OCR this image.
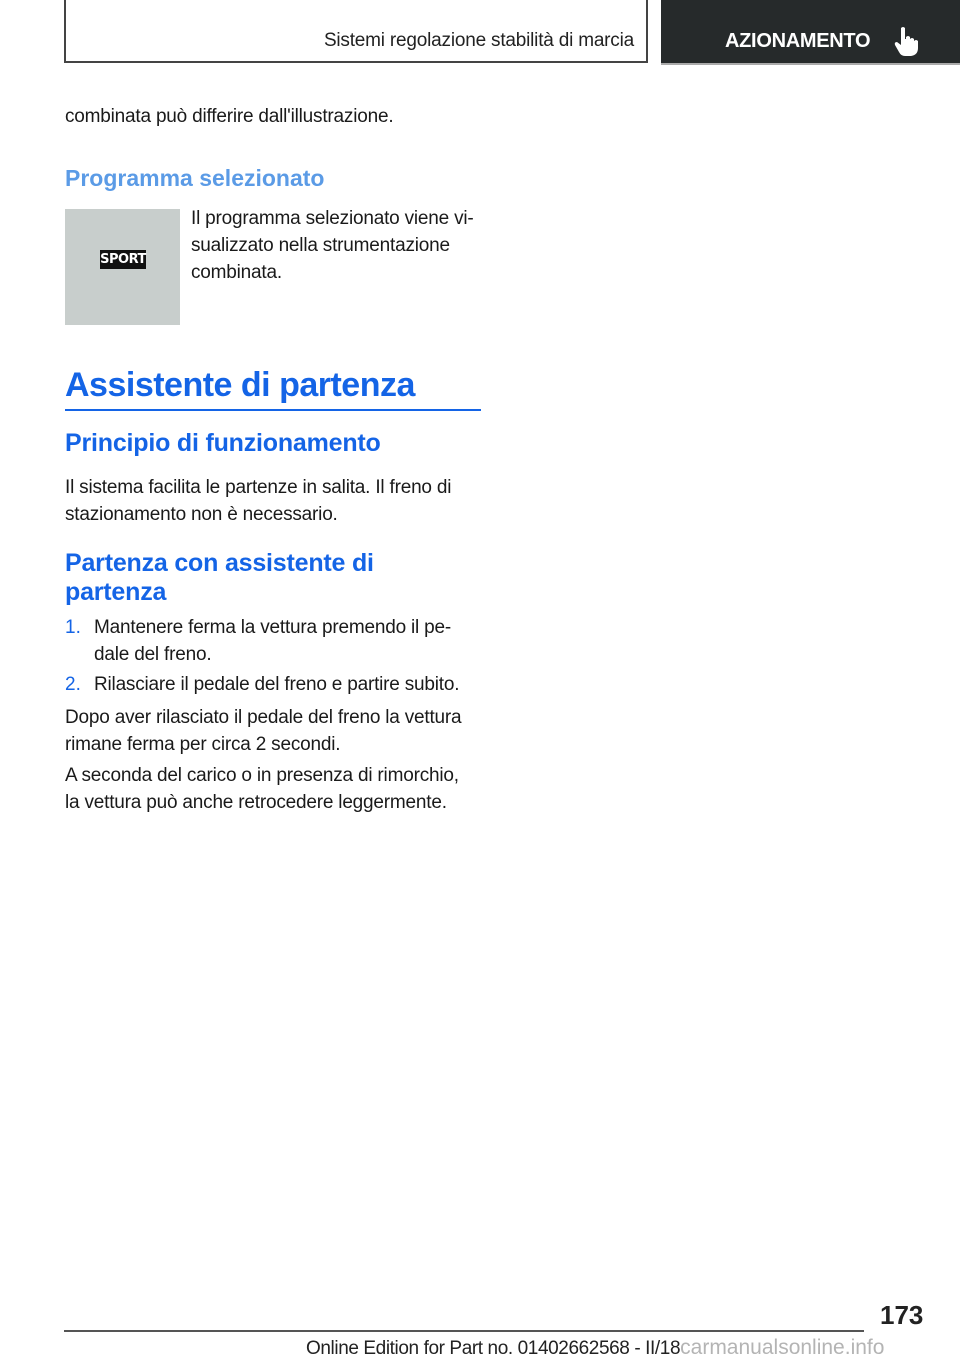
Sistemi regolazione stabilità di marcia	AZIONAMENTO

combinata può differire dall'illustrazione.

Programma selezionato
SPORT

Il programma selezionato viene vi-

sualizzato nella strumentazione

combinata.

Assistente di partenza
Principio di funzionamento

Il sistema facilita le partenze in salita. Il freno di

stazionamento non è necessario.

Partenza con assistente di
partenza
1. Mantenere ferma la vettura premendo il pe-

dale del freno.

2. Rilasciare il pedale del freno e partire subito.

Dopo aver rilasciato il pedale del freno la vettura

rimane ferma per circa 2 secondi.

A seconda del carico o in presenza di rimorchio,

la vettura può anche retrocedere leggermente.

173
Online Edition for Part no. 01402662568 - II/18carmanualsonline.info
